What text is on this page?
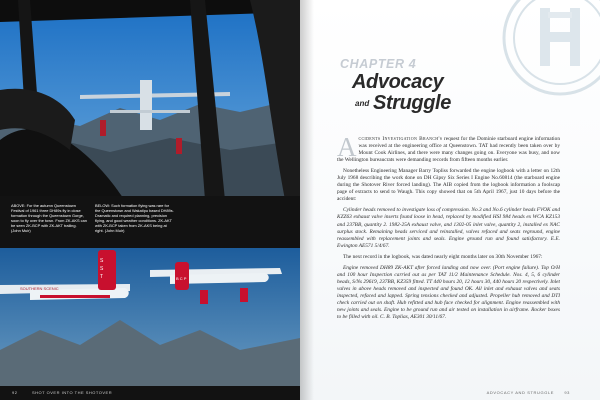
S
S
T
SOUTHERN SCENIC
B C P
ABOVE: For the autumn Queenstown Festival of 1961 three DH89s fly in close formation through the Queenstown Gorge, soon to fly over the town. From ZK-AKS can be seen ZK-BCP with ZK-AKT trailing. (John Muir)
BELOW: Such formation flying was rare for the Queenstown and Wakatipu based DH89s. Dramatic and required planning, precision flying, and good weather conditions. ZK-AKT with ZK-BCP taken from ZK-AKS being at right. (John Muir)
92	SHOT OVER INTO THE SHOTOVER
CHAPTER 4
Advocacy
and Struggle

A ccidents Investigation Branch's request for the Dominie starboard engine information was received at the engineering office at Queenstown. TAT had recently been taken over by Mount Cook Airlines, and there were many changes going on. Everyone was busy, and now the Wellington bureaucrats were demanding records from fifteen months earlier.

Nonetheless Engineering Manager Barry Topliss forwarded the engine logbook with a letter on 12th July 1968 describing the work done on DH Gipsy Six Series I Engine No.60814 (the starboard engine during the Shotover River forced landing). The AIB copied from the logbook information a foolscap page of extracts to send to Waugh. This copy showed that on 5th April 1967, just 10 days before the accident:

Cylinder heads removed to investigate loss of compression. No.3 and No.6 cylinder heads FVOK and KZZ63 exhaust valve inserts found loose in head, replaced by modified HSI 984 heads ex WCA KZ153 and 237BB, quantity 2. 1982-25A exhaust valve, and 1302-05 inlet valve, quantity 2, installed ex NAC surplus stock. Remaining heads serviced and reinstalled, valves refaced and seats reground, engine reassembled with replacement joints and seals. Engine ground run and found satisfactory. E.E. Ewington AE571 5/4/67.

The next record in the logbook, was dated nearly eight months later on 30th November 1967:

Engine removed DH89 ZK-AKT after forced landing and now over. (Port engine failure). Top O/H and 100 hour Inspection carried out as per TAT 11/2 Maintenance Schedule. Nos. 4, 5, 6 cylinder heads, S/Ns 29619, 237BB, KZ359 fitted. TT 440 hours 20, 12 hours 30, 440 hours 20 respectively. Inlet valves in above heads removed and inspected and found OK. All inlet and exhaust valves and seats inspected, refaced and lapped. Spring tensions checked and adjusted. Propeller hub removed and DTI check carried out on shaft. Hub refitted and hub face checked for alignment. Engine reassembled with new joints and seals. Engine to be ground run and air tested on installation in airframe. Rocker boxes to be filled with oil. C. B. Toplias, AE301 30/11/67.

ADVOCACY AND STRUGGLE	93
